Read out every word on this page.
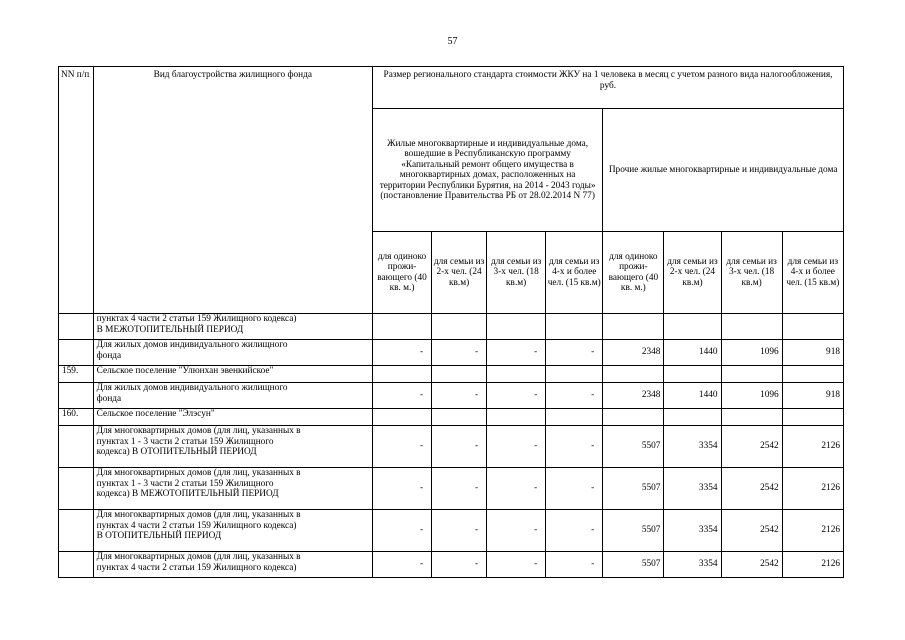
57
NN п/п	Вид благоустройства жилищного фонда	Размер регионального стандарта стоимости ЖКУ на 1 человека в месяц с учетом разного вида налогообложения, руб.							
		Жилые многоквартирные и индивидуальные дома, вошедшие в Республиканскую программу «Капитальный ремонт общего имущества в многоквартирных домах, расположенных на территории Республики Бурятия, на 2014 - 2043 годы» (постановление Правительства РБ от 28.02.2014 N 77)				Прочие жилые многоквартирные и индивидуальные дома			
		для одиноко прожи-вающего (40 кв. м.)	для семьи из 2-х чел. (24 кв.м)	для семьи из 3-х чел. (18 кв.м)	для семьи из 4-х и более чел. (15 кв.м)	для одиноко прожи-вающего (40 кв. м.)	для семьи из 2-х чел. (24 кв.м)	для семьи из 3-х чел. (18 кв.м)	для семьи из 4-х и более чел. (15 кв.м)

	пунктах 4 части 2 статьи 159 Жилищного кодекса)
В МЕЖОТОПИТЕЛЬНЫЙ ПЕРИОД								

	Для жилых домов индивидуального жилищного
фонда	-	-	-	-	2348	1440	1096	918
159.	Сельское поселение "Улюнхан эвенкийское"								

	Для жилых домов индивидуального жилищного
фонда	-	-	-	-	2348	1440	1096	918
160.	Сельское поселение "Элэсун"								

	Для многоквартирных домов (для лиц, указанных в
пунктах 1 - 3 части 2 статьи 159 Жилищного
кодекса) В ОТОПИТЕЛЬНЫЙ ПЕРИОД	-	-	-	-	5507	3354	2542	2126

	Для многоквартирных домов (для лиц, указанных в
пунктах 1 - 3 части 2 статьи 159 Жилищного
кодекса) В МЕЖОТОПИТЕЛЬНЫЙ ПЕРИОД	-	-	-	-	5507	3354	2542	2126

	Для многоквартирных домов (для лиц, указанных в
пунктах 4 части 2 статьи 159 Жилищного кодекса)
В ОТОПИТЕЛЬНЫЙ ПЕРИОД	-	-	-	-	5507	3354	2542	2126

	Для многоквартирных домов (для лиц, указанных в
пунктах 4 части 2 статьи 159 Жилищного кодекса)	-	-	-	-	5507	3354	2542	2126
